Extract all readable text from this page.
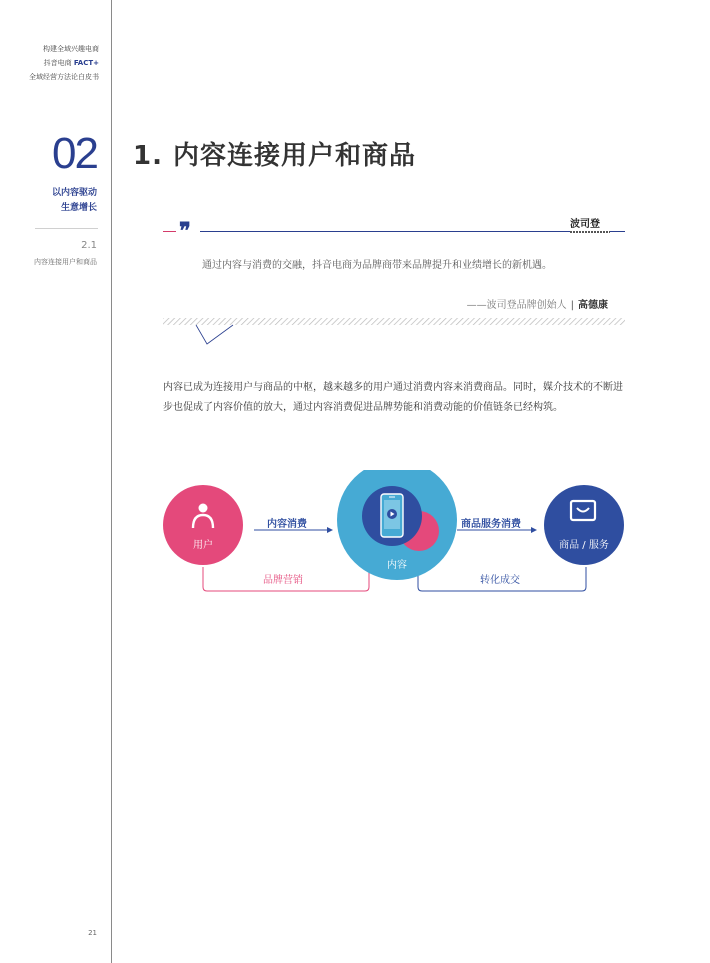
构建全域兴趣电商
抖音电商 FACT+
全域经营方法论白皮书
02
以内容驱动
生意增长
2.1
内容连接用户和商品
21
1. 内容连接用户和商品
❞	波司登
通过内容与消费的交融，抖音电商为品牌商带来品牌提升和业绩增长的新机遇。
——波司登品牌创始人 | 高德康
内容已成为连接用户与商品的中枢，越来越多的用户通过消费内容来消费商品。同时，媒介技术的不断进步也促成了内容价值的放大，通过内容消费促进品牌势能和消费动能的价值链条已经构筑。
用户
内容
商品 / 服务
内容消费	商品服务消费
品牌营销	转化成交
